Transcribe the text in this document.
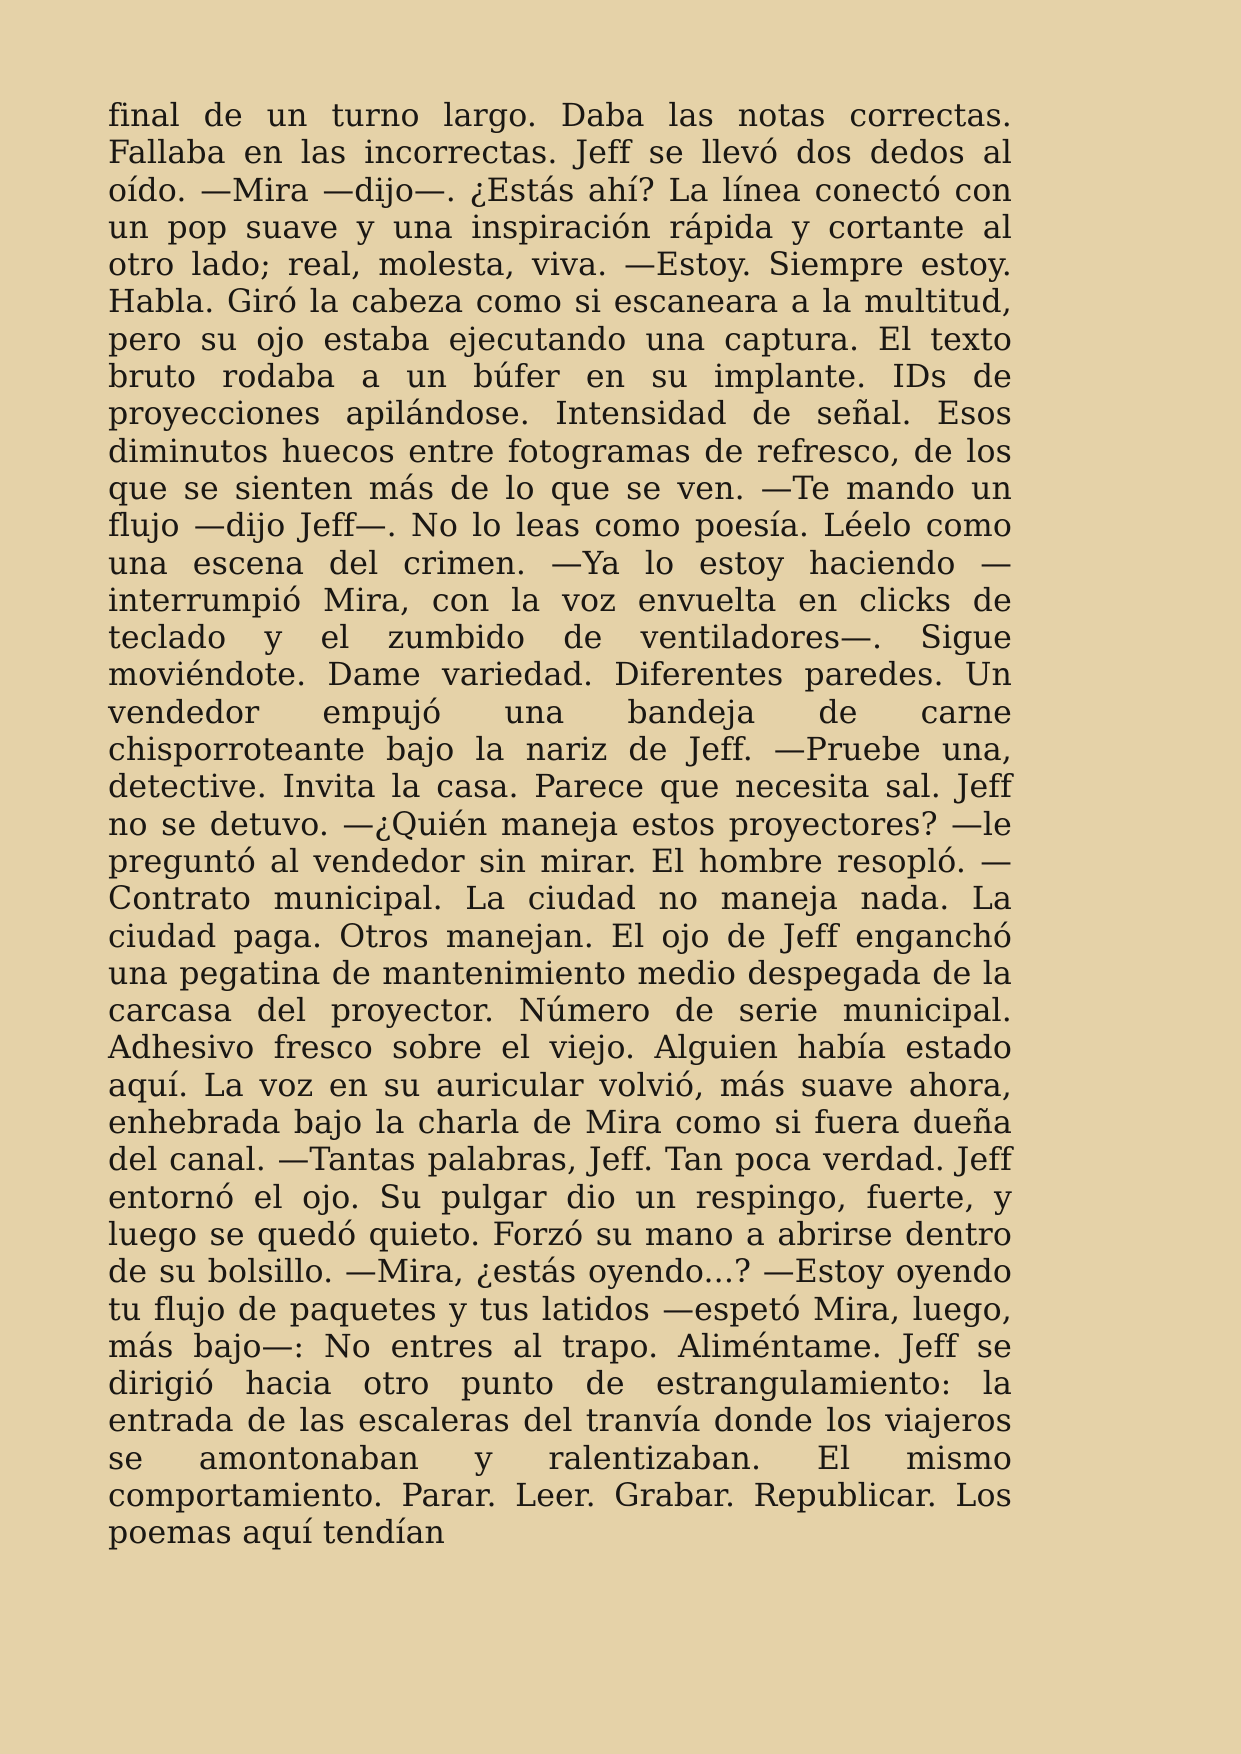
final de un turno largo. Daba las notas correctas. Fallaba en las incorrectas. Jeff se llevó dos dedos al oído. —Mira —dijo—. ¿Estás ahí? La línea conectó con un pop suave y una inspiración rápida y cortante al otro lado; real, molesta, viva. —Estoy. Siempre estoy. Habla. Giró la cabeza como si escaneara a la multitud, pero su ojo estaba ejecutando una captura. El texto bruto rodaba a un búfer en su implante. IDs de proyecciones apilándose. Intensidad de señal. Esos diminutos huecos entre fotogramas de refresco, de los que se sienten más de lo que se ven. —Te mando un flujo —dijo Jeff—. No lo leas como poesía. Léelo como una escena del crimen. —Ya lo estoy haciendo —interrumpió Mira, con la voz envuelta en clicks de teclado y el zumbido de ventiladores—. Sigue moviéndote. Dame variedad. Diferentes paredes. Un vendedor empujó una bandeja de carne chisporroteante bajo la nariz de Jeff. —Pruebe una, detective. Invita la casa. Parece que necesita sal. Jeff no se detuvo. —¿Quién maneja estos proyectores? —le preguntó al vendedor sin mirar. El hombre resopló. —Contrato municipal. La ciudad no maneja nada. La ciudad paga. Otros manejan. El ojo de Jeff enganchó una pegatina de mantenimiento medio despegada de la carcasa del proyector. Número de serie municipal. Adhesivo fresco sobre el viejo. Alguien había estado aquí. La voz en su auricular volvió, más suave ahora, enhebrada bajo la charla de Mira como si fuera dueña del canal. —Tantas palabras, Jeff. Tan poca verdad. Jeff entornó el ojo. Su pulgar dio un respingo, fuerte, y luego se quedó quieto. Forzó su mano a abrirse dentro de su bolsillo. —Mira, ¿estás oyendo...? —Estoy oyendo tu flujo de paquetes y tus latidos —espetó Mira, luego, más bajo—: No entres al trapo. Aliméntame. Jeff se dirigió hacia otro punto de estrangulamiento: la entrada de las escaleras del tranvía donde los viajeros se amontonaban y ralentizaban. El mismo comportamiento. Parar. Leer. Grabar. Republicar. Los poemas aquí tendían
